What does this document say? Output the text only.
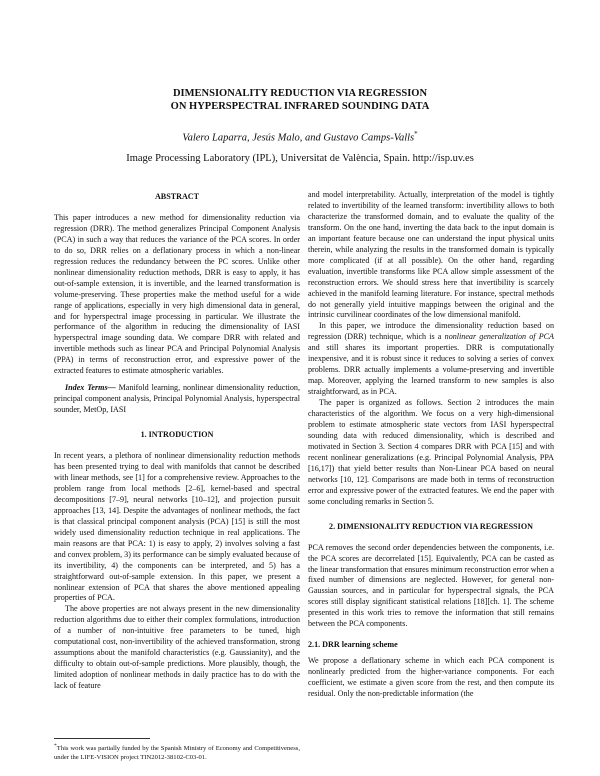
DIMENSIONALITY REDUCTION VIA REGRESSION
ON HYPERSPECTRAL INFRARED SOUNDING DATA
Valero Laparra, Jesús Malo, and Gustavo Camps-Valls*
Image Processing Laboratory (IPL), Universitat de València, Spain. http://isp.uv.es

ABSTRACT

This paper introduces a new method for dimensionality reduction via regression (DRR). The method generalizes Principal Component Analysis (PCA) in such a way that reduces the variance of the PCA scores. In order to do so, DRR relies on a deflationary process in which a non-linear regression reduces the redundancy between the PC scores. Unlike other nonlinear dimensionality reduction methods, DRR is easy to apply, it has out-of-sample extension, it is invertible, and the learned transformation is volume-preserving. These properties make the method useful for a wide range of applications, especially in very high dimensional data in general, and for hyperspectral image processing in particular. We illustrate the performance of the algorithm in reducing the dimensionality of IASI hyperspectral image sounding data. We compare DRR with related and invertible methods such as linear PCA and Principal Polynomial Analysis (PPA) in terms of reconstruction error, and expressive power of the extracted features to estimate atmospheric variables.

Index Terms— Manifold learning, nonlinear dimensionality reduction, principal component analysis, Principal Polynomial Analysis, hyperspectral sounder, MetOp, IASI

1. INTRODUCTION

In recent years, a plethora of nonlinear dimensionality reduction methods has been presented trying to deal with manifolds that cannot be described with linear methods, see [1] for a comprehensive review. Approaches to the problem range from local methods [2–6], kernel-based and spectral decompositions [7–9], neural networks [10–12], and projection pursuit approaches [13, 14]. Despite the advantages of nonlinear methods, the fact is that classical principal component analysis (PCA) [15] is still the most widely used dimensionality reduction technique in real applications. The main reasons are that PCA: 1) is easy to apply, 2) involves solving a fast and convex problem, 3) its performance can be simply evaluated because of its invertibility, 4) the components can be interpreted, and 5) has a straightforward out-of-sample extension. In this paper, we present a nonlinear extension of PCA that shares the above mentioned appealing properties of PCA.

The above properties are not always present in the new dimensionality reduction algorithms due to either their complex formulations, introduction of a number of non-intuitive free parameters to be tuned, high computational cost, non-invertibility of the achieved transformation, strong assumptions about the manifold characteristics (e.g. Gaussianity), and the difficulty to obtain out-of-sample predictions. More plausibly, though, the limited adoption of nonlinear methods in daily practice has to do with the lack of feature

and model interpretability. Actually, interpretation of the model is tightly related to invertibility of the learned transform: invertibility allows to both characterize the transformed domain, and to evaluate the quality of the transform. On the one hand, inverting the data back to the input domain is an important feature because one can understand the input physical units therein, while analyzing the results in the transformed domain is typically more complicated (if at all possible). On the other hand, regarding evaluation, invertible transforms like PCA allow simple assessment of the reconstruction errors. We should stress here that invertibility is scarcely achieved in the manifold learning literature. For instance, spectral methods do not generally yield intuitive mappings between the original and the intrinsic curvilinear coordinates of the low dimensional manifold.

In this paper, we introduce the dimensionality reduction based on regression (DRR) technique, which is a nonlinear generalization of PCA and still shares its important properties. DRR is computationally inexpensive, and it is robust since it reduces to solving a series of convex problems. DRR actually implements a volume-preserving and invertible map. Moreover, applying the learned transform to new samples is also straightforward, as in PCA.

The paper is organized as follows. Section 2 introduces the main characteristics of the algorithm. We focus on a very high-dimensional problem to estimate atmospheric state vectors from IASI hyperspectral sounding data with reduced dimensionality, which is described and motivated in Section 3. Section 4 compares DRR with PCA [15] and with recent nonlinear generalizations (e.g. Principal Polynomial Analysis, PPA [16,17]) that yield better results than Non-Linear PCA based on neural networks [10, 12]. Comparisons are made both in terms of reconstruction error and expressive power of the extracted features. We end the paper with some concluding remarks in Section 5.

2. DIMENSIONALITY REDUCTION VIA REGRESSION

PCA removes the second order dependencies between the components, i.e. the PCA scores are decorrelated [15]. Equivalently, PCA can be casted as the linear transformation that ensures minimum reconstruction error when a fixed number of dimensions are neglected. However, for general non-Gaussian sources, and in particular for hyperspectral signals, the PCA scores still display significant statistical relations [18][ch. 1]. The scheme presented in this work tries to remove the information that still remains between the PCA components.

2.1. DRR learning scheme

We propose a deflationary scheme in which each PCA component is nonlinearly predicted from the higher-variance components. For each coefficient, we estimate a given score from the rest, and then compute its residual. Only the non-predictable information (the

*This work was partially funded by the Spanish Ministry of Economy and Competitiveness, under the LIFE-VISION project TIN2012-38102-C03-01.
